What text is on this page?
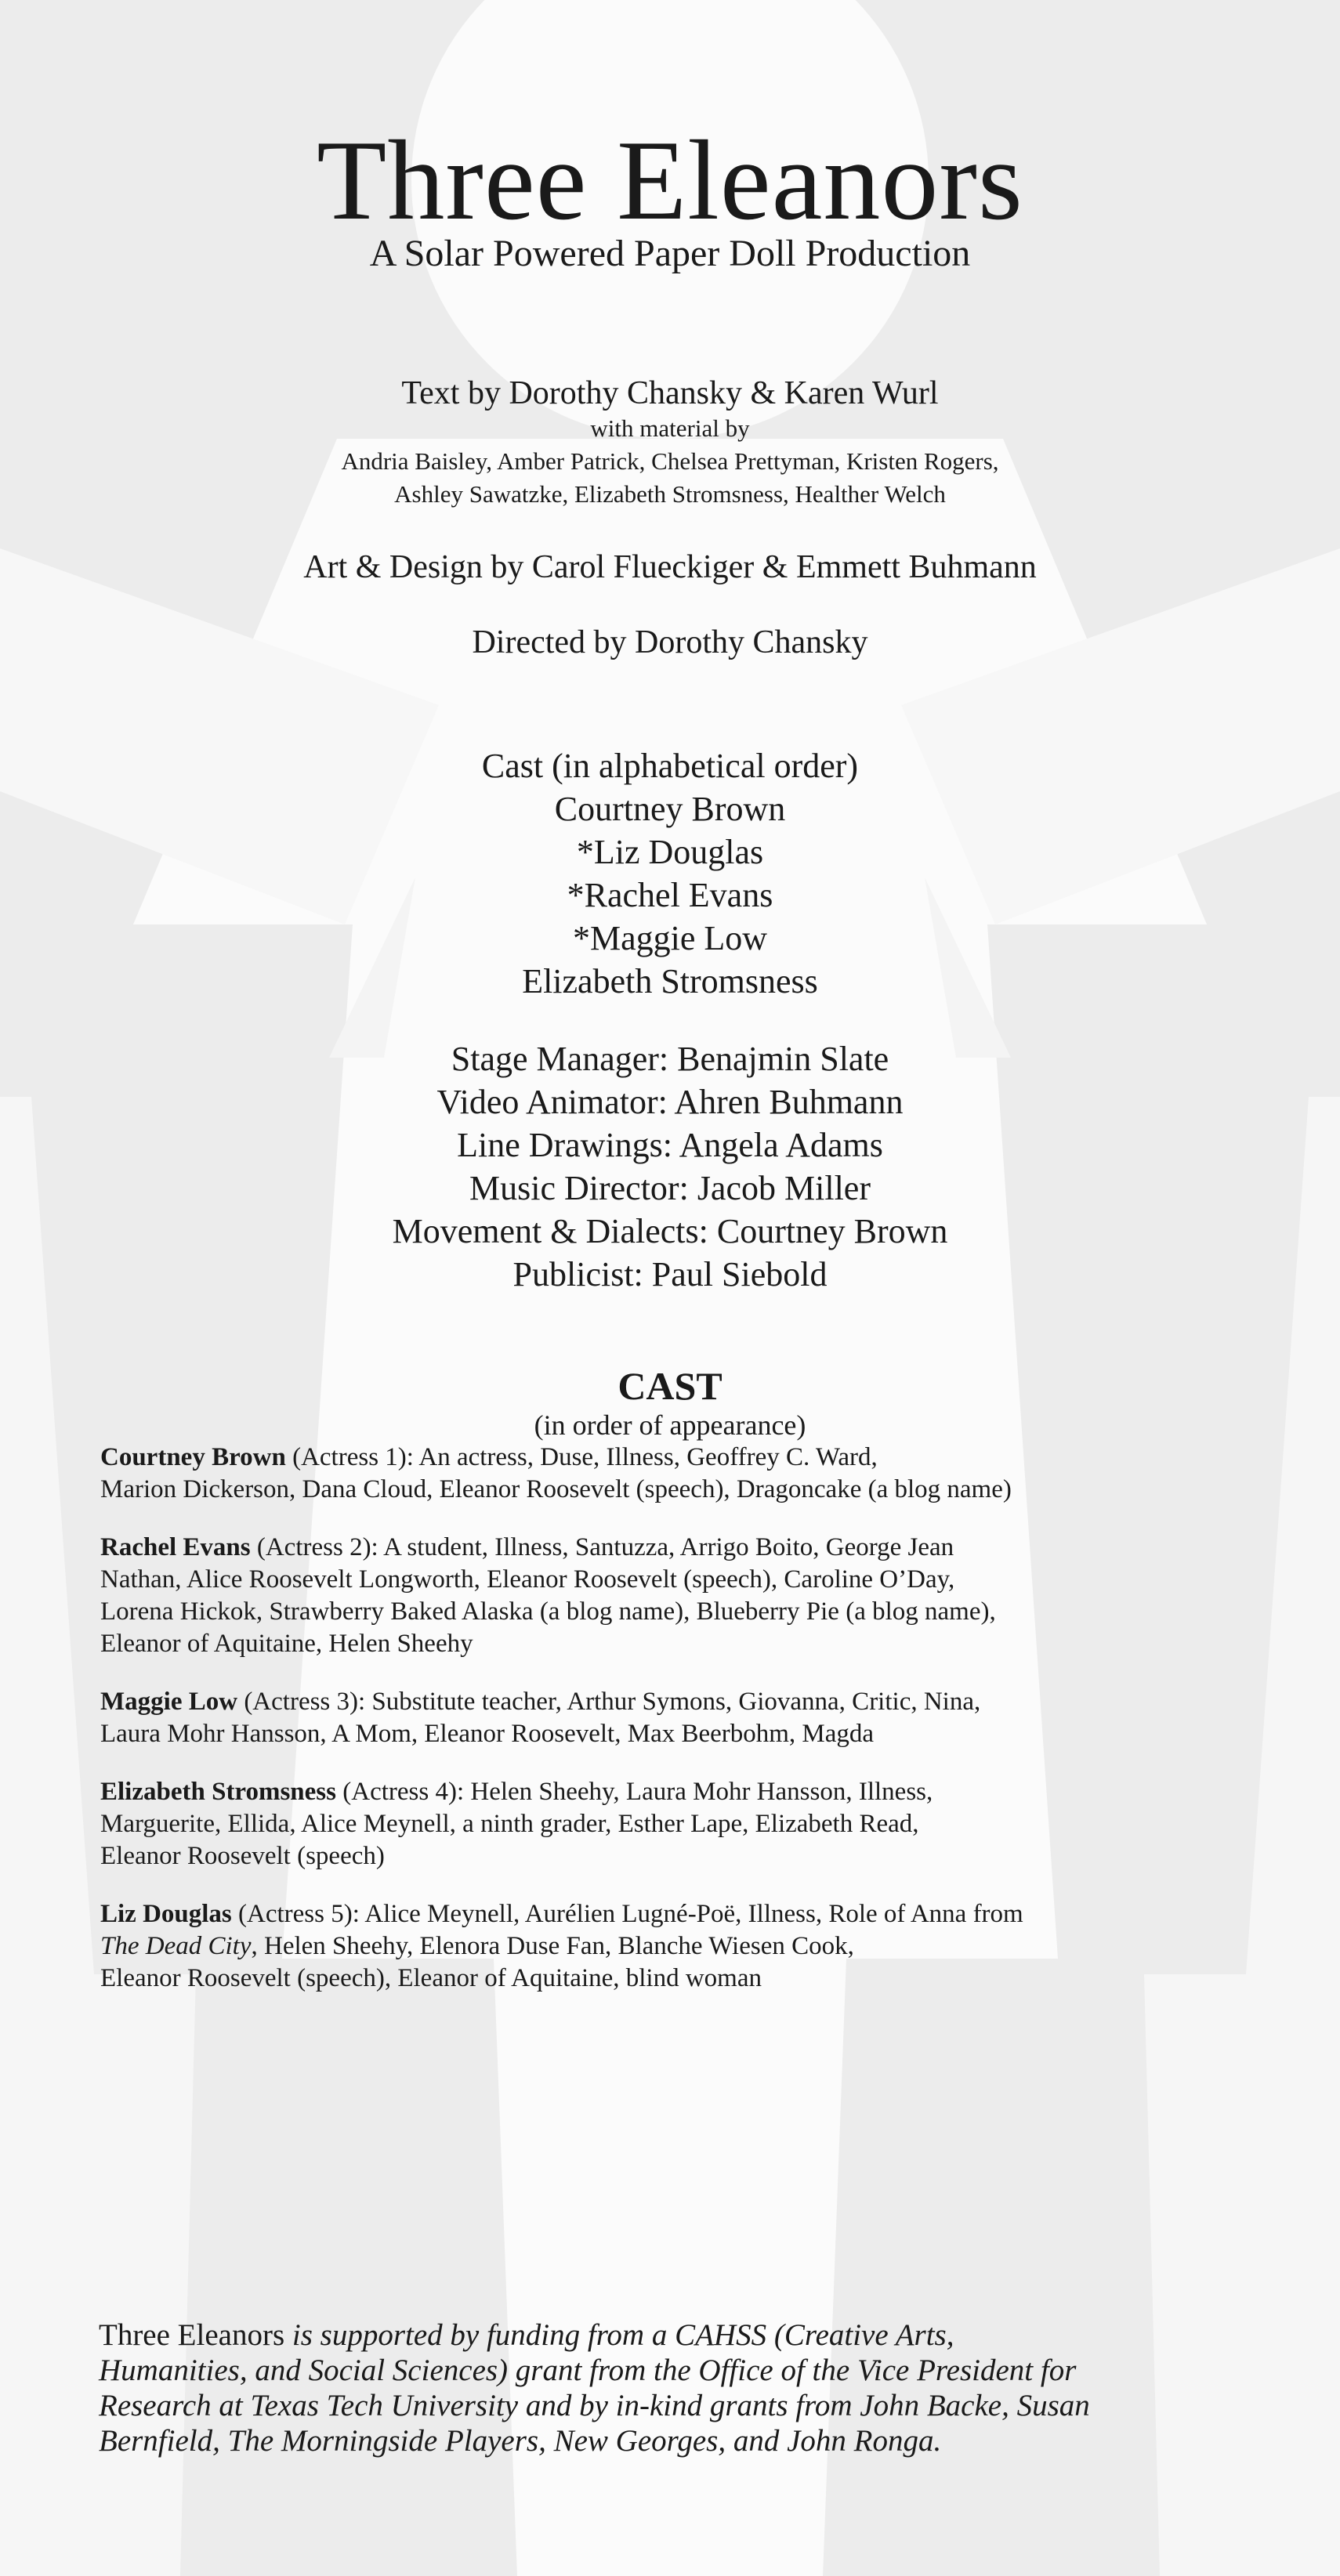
Three Eleanors
A Solar Powered Paper Doll Production
Text by Dorothy Chansky & Karen Wurl
with material by
Andria Baisley, Amber Patrick, Chelsea Prettyman, Kristen Rogers,
Ashley Sawatzke, Elizabeth Stromsness, Healther Welch
Art & Design by Carol Flueckiger & Emmett Buhmann
Directed by Dorothy Chansky
Cast (in alphabetical order)
Courtney Brown
*Liz Douglas
*Rachel Evans
*Maggie Low
Elizabeth Stromsness
Stage Manager: Benajmin Slate
Video Animator: Ahren Buhmann
Line Drawings: Angela Adams
Music Director: Jacob Miller
Movement & Dialects: Courtney Brown
Publicist: Paul Siebold
CAST
(in order of appearance)
Courtney Brown (Actress 1): An actress, Duse, Illness, Geoffrey C. Ward,
Marion Dickerson, Dana Cloud, Eleanor Roosevelt (speech), Dragoncake (a blog name)
Rachel Evans (Actress 2): A student, Illness, Santuzza, Arrigo Boito, George Jean
Nathan, Alice Roosevelt Longworth, Eleanor Roosevelt (speech), Caroline O’Day,
Lorena Hickok, Strawberry Baked Alaska (a blog name), Blueberry Pie (a blog name),
Eleanor of Aquitaine, Helen Sheehy
Maggie Low (Actress 3): Substitute teacher, Arthur Symons, Giovanna, Critic, Nina,
Laura Mohr Hansson, A Mom, Eleanor Roosevelt, Max Beerbohm, Magda
Elizabeth Stromsness (Actress 4): Helen Sheehy, Laura Mohr Hansson, Illness,
Marguerite, Ellida, Alice Meynell, a ninth grader, Esther Lape, Elizabeth Read,
Eleanor Roosevelt (speech)
Liz Douglas (Actress 5): Alice Meynell, Aurélien Lugné-Poë, Illness, Role of Anna from
The Dead City, Helen Sheehy, Elenora Duse Fan, Blanche Wiesen Cook,
Eleanor Roosevelt (speech), Eleanor of Aquitaine, blind woman
Three Eleanors is supported by funding from a CAHSS (Creative Arts,
Humanities, and Social Sciences) grant from the Office of the Vice President for
Research at Texas Tech University and by in-kind grants from John Backe, Susan
Bernfield, The Morningside Players, New Georges, and John Ronga.
